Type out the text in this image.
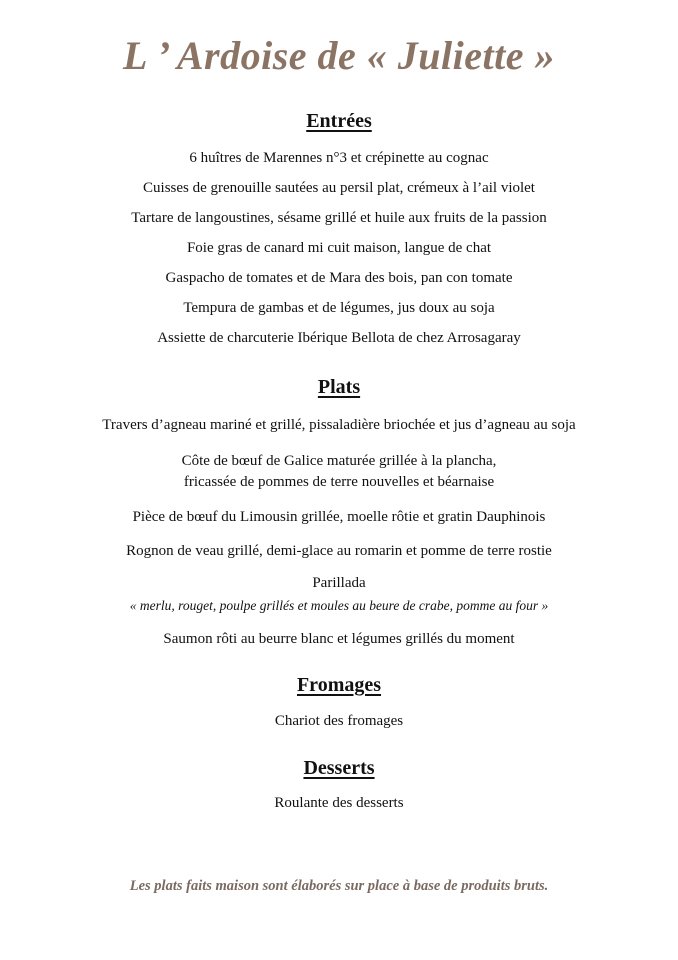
L ’ Ardoise de « Juliette »
Entrées
6 huîtres de Marennes n°3 et crépinette au cognac
Cuisses de grenouille sautées au persil plat, crémeux à l’ail violet
Tartare de langoustines, sésame grillé et huile aux fruits de la passion
Foie gras de canard mi cuit maison, langue de chat
Gaspacho de tomates et de Mara des bois, pan con tomate
Tempura de gambas et de légumes, jus doux au soja
Assiette de charcuterie Ibérique Bellota de chez Arrosagaray
Plats
Travers d’agneau mariné et grillé, pissaladière briochée et jus d’agneau au soja
Côte de bœuf de Galice maturée grillée à la plancha,
fricassée de pommes de terre nouvelles et béarnaise
Pièce de bœuf du Limousin grillée, moelle rôtie et gratin Dauphinois
Rognon de veau grillé, demi-glace au romarin et pomme de terre rostie
Parillada
« merlu, rouget, poulpe grillés et moules au beure de crabe, pomme au four »
Saumon rôti au beurre blanc et légumes grillés du moment
Fromages
Chariot des fromages
Desserts
Roulante des desserts
Les plats faits maison sont élaborés sur place à base de produits bruts.
